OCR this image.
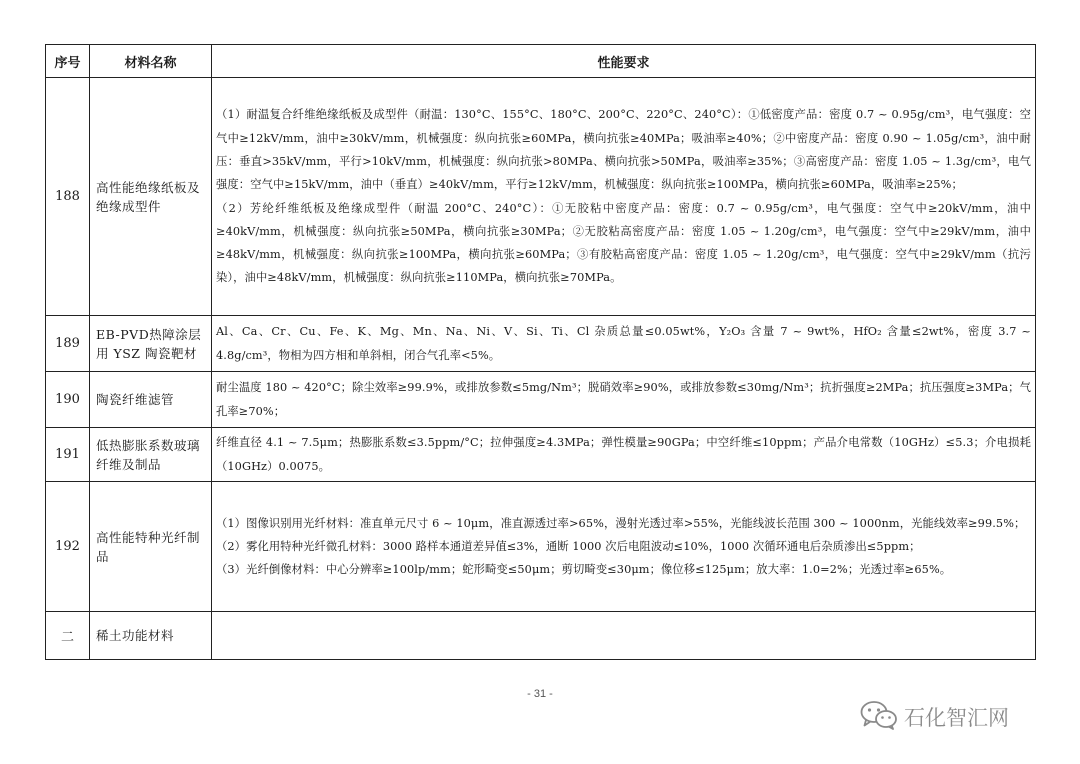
序号	材料名称	性能要求
188	高性能绝缘纸板及绝缘成型件	（1）耐温复合纤维绝缘纸板及成型件（耐温：130°C、155°C、180°C、200°C、220°C、240°C）：①低密度产品：密度 0.7 ~ 0.95g/cm³，电气强度：空气中≥12kV/mm，油中≥30kV/mm，机械强度：纵向抗张≥60MPa，横向抗张≥40MPa；吸油率≥40%；②中密度产品：密度 0.90 ~ 1.05g/cm³，油中耐压：垂直>35kV/mm，平行>10kV/mm，机械强度：纵向抗张>80MPa、横向抗张>50MPa，吸油率≥35%；③高密度产品：密度 1.05 ~ 1.3g/cm³，电气强度：空气中≥15kV/mm，油中（垂直）≥40kV/mm，平行≥12kV/mm，机械强度：纵向抗张≥100MPa，横向抗张≥60MPa，吸油率≥25%；

（2）芳纶纤维纸板及绝缘成型件（耐温 200°C、240°C）：①无胶粘中密度产品：密度：0.7 ~ 0.95g/cm³，电气强度：空气中≥20kV/mm，油中≥40kV/mm，机械强度：纵向抗张≥50MPa，横向抗张≥30MPa；②无胶粘高密度产品：密度 1.05 ~ 1.20g/cm³，电气强度：空气中≥29kV/mm，油中≥48kV/mm，机械强度：纵向抗张≥100MPa，横向抗张≥60MPa；③有胶粘高密度产品：密度 1.05 ~ 1.20g/cm³，电气强度：空气中≥29kV/mm（抗污染），油中≥48kV/mm，机械强度：纵向抗张≥110MPa，横向抗张≥70MPa。

189	EB-PVD热障涂层用 YSZ 陶瓷靶材	Al、Ca、Cr、Cu、Fe、K、Mg、Mn、Na、Ni、V、Si、Ti、Cl 杂质总量≤0.05wt%，Y₂O₃ 含量 7 ~ 9wt%，HfO₂ 含量≤2wt%，密度 3.7 ~ 4.8g/cm³，物相为四方相和单斜相，闭合气孔率<5%。

190	陶瓷纤维滤管	耐尘温度 180 ~ 420°C；除尘效率≥99.9%，或排放参数≤5mg/Nm³；脱硝效率≥90%，或排放参数≤30mg/Nm³；抗折强度≥2MPa；抗压强度≥3MPa；气孔率≥70%；

191	低热膨胀系数玻璃纤维及制品	纤维直径 4.1 ~ 7.5μm；热膨胀系数≤3.5ppm/°C；拉伸强度≥4.3MPa；弹性模量≥90GPa；中空纤维≤10ppm；产品介电常数（10GHz）≤5.3；介电损耗（10GHz）0.0075。

192	高性能特种光纤制品	（1）图像识别用光纤材料：准直单元尺寸 6 ~ 10μm，准直源透过率>65%，漫射光透过率>55%，光能线波长范围 300 ~ 1000nm，光能线效率≥99.5%；

（2）雾化用特种光纤微孔材料：3000 路样本通道差异值≤3%，通断 1000 次后电阻波动≤10%，1000 次循环通电后杂质渗出≤5ppm；

（3）光纤倒像材料：中心分辨率≥100lp/mm；蛇形畸变≤50μm；剪切畸变≤30μm；像位移≤125μm；放大率：1.0=2%；光透过率≥65%。

二	稀土功能材料	
- 31 -
石化智汇网
